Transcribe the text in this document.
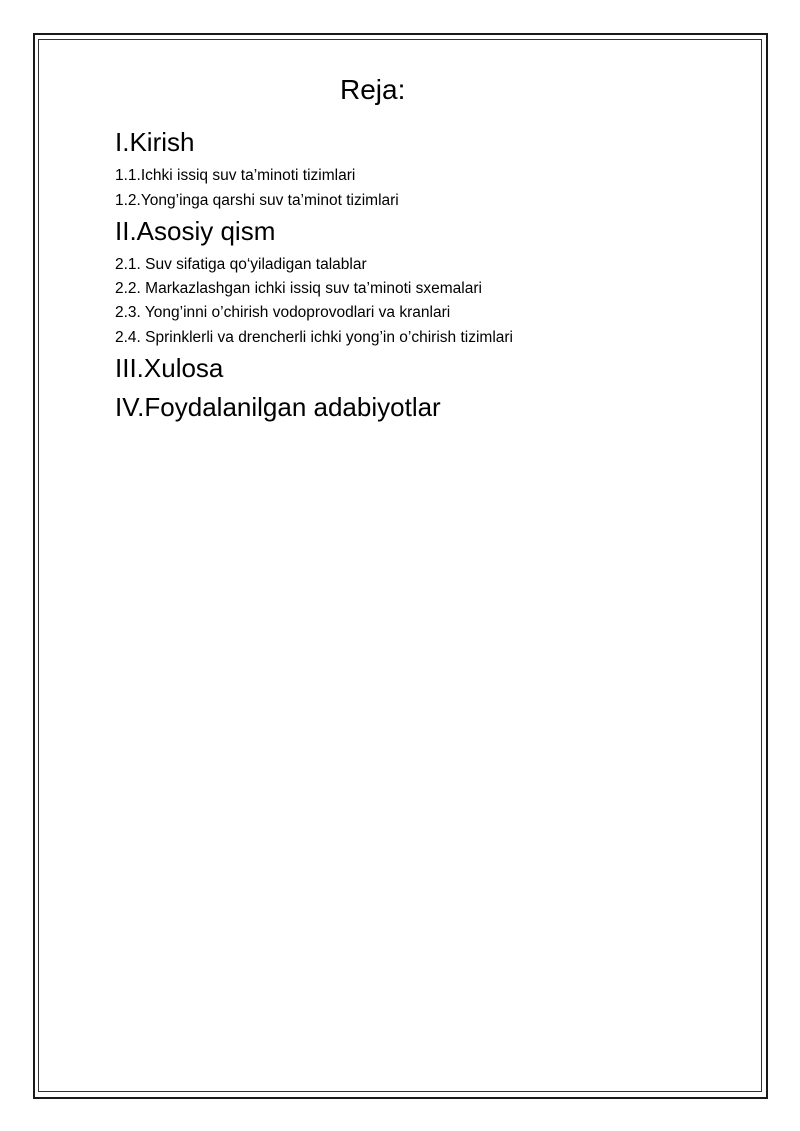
Reja:
I.Kirish
1.1.Ichki issiq suv ta’minoti tizimlari
1.2.Yong’inga qarshi suv ta’minot tizimlari
II.Asosiy qism
2.1. Suv sifatiga qo‘yiladigan talablar
2.2. Markazlashgan ichki issiq suv ta’minoti sxemalari
2.3. Yong’inni o’chirish vodoprovodlari va kranlari
2.4. Sprinklerli va drencherli ichki yong’in o’chirish tizimlari
III.Xulosa
IV.Foydalanilgan adabiyotlar
